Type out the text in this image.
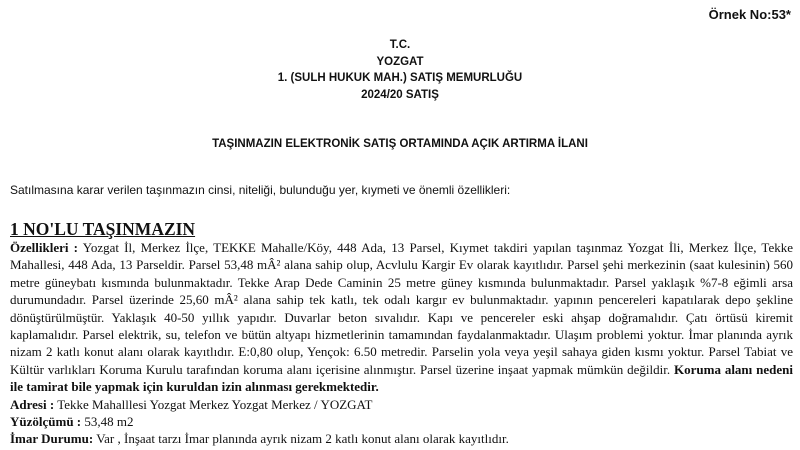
Örnek No:53*
T.C.
YOZGAT
1. (SULH HUKUK MAH.) SATIŞ MEMURLUĞU
2024/20 SATIŞ
TAŞINMAZIN ELEKTRONİK SATIŞ ORTAMINDA AÇIK ARTIRMA İLANI
Satılmasına karar verilen taşınmazın cinsi, niteliği, bulunduğu yer, kıymeti ve önemli özellikleri:

1 NO'LU TAŞINMAZIN

Özellikleri : Yozgat İl, Merkez İlçe, TEKKE Mahalle/Köy, 448 Ada, 13 Parsel, Kıymet takdiri yapılan taşınmaz Yozgat İli, Merkez İlçe, Tekke Mahallesi, 448 Ada, 13 Parseldir. Parsel 53,48 mÂ² alana sahip olup, Acvlulu Kargir Ev olarak kayıtlıdır. Parsel şehi merkezinin (saat kulesinin) 560 metre güneybatı kısmında bulunmaktadır. Tekke Arap Dede Caminin 25 metre güney kısmında bulunmaktadır. Parsel yaklaşık %7-8 eğimli arsa durumundadır. Parsel üzerinde 25,60 mÂ² alana sahip tek katlı, tek odalı kargır ev bulunmaktadır. yapının pencereleri kapatılarak depo şekline dönüştürülmüştür. Yaklaşık 40-50 yıllık yapıdır. Duvarlar beton sıvalıdır. Kapı ve pencereler eski ahşap doğramalıdır. Çatı örtüsü kiremit kaplamalıdır. Parsel elektrik, su, telefon ve bütün altyapı hizmetlerinin tamamından faydalanmaktadır. Ulaşım problemi yoktur. İmar planında ayrık nizam 2 katlı konut alanı olarak kayıtlıdır. E:0,80 olup, Yençok: 6.50 metredir. Parselin yola veya yeşil sahaya giden kısmı yoktur. Parsel Tabiat ve Kültür varlıkları Koruma Kurulu tarafından koruma alanı içerisine alınmıştır. Parsel üzerine inşaat yapmak mümkün değildir. Koruma alanı nedeni ile tamirat bile yapmak için kuruldan izin alınması gerekmektedir.

Adresi : Tekke Mahalllesi Yozgat Merkez Yozgat Merkez / YOZGAT

Yüzölçümü : 53,48 m2

İmar Durumu: Var , İnşaat tarzı İmar planında ayrık nizam 2 katlı konut alanı olarak kayıtlıdır.
